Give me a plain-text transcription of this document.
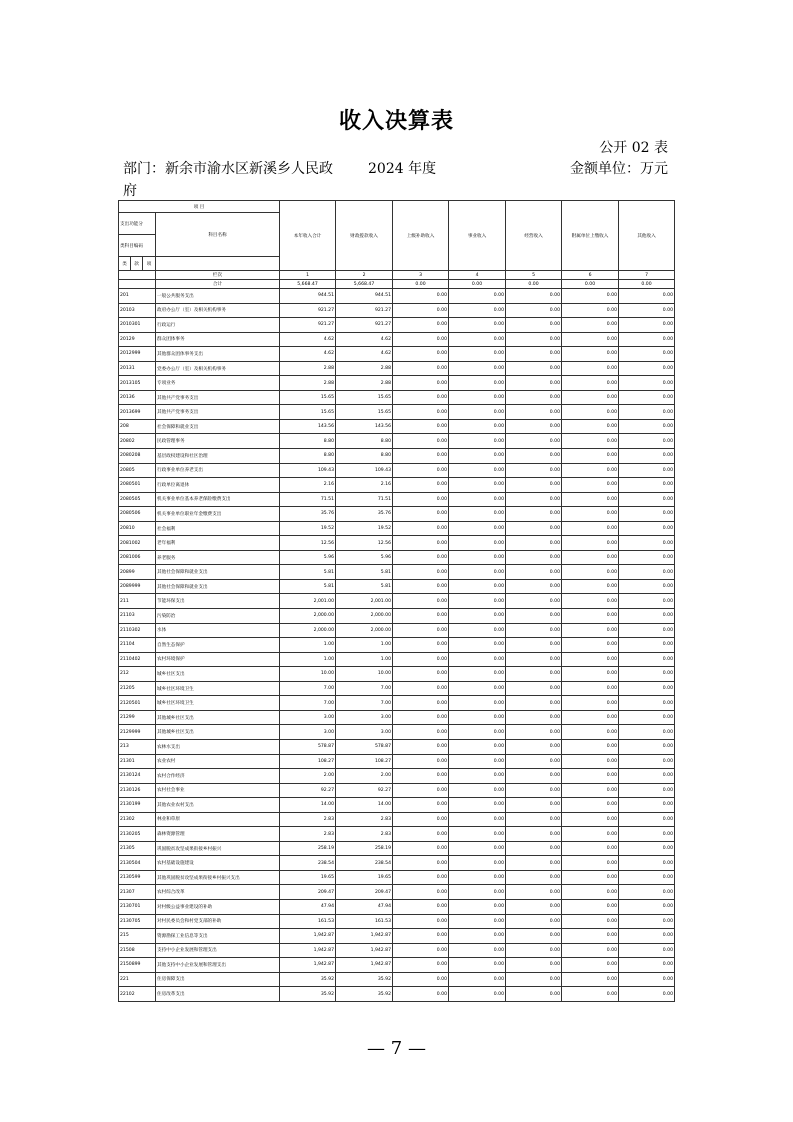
收入决算表
公开 02 表
部门：新余市渝水区新溪乡人民政府
2024 年度	金额单位：万元
项 目				本年收入合计	财政拨款收入	上级补助收入	事业收入	经营收入	附属单位上缴收入	其他收入
支出功能分			科目名称							
类科目编码										
类	款	项								
			栏次	1	2	3	4	5	6	7
			合计	5,668.47	5,668.47	0.00	0.00	0.00	0.00	0.00
201			一般公共服务支出	944.51	944.51	0.00	0.00	0.00	0.00	0.00
20103			政府办公厅（室）及相关机构事务	921.27	921.27	0.00	0.00	0.00	0.00	0.00
2010301			行政运行	921.27	921.27	0.00	0.00	0.00	0.00	0.00
20129			群众团体事务	4.62	4.62	0.00	0.00	0.00	0.00	0.00
2012999			其他群众团体事务支出	4.62	4.62	0.00	0.00	0.00	0.00	0.00
20131			党委办公厅（室）及相关机构事务	2.88	2.88	0.00	0.00	0.00	0.00	0.00
2013105			专项业务	2.88	2.88	0.00	0.00	0.00	0.00	0.00
20136			其他共产党事务支出	15.65	15.65	0.00	0.00	0.00	0.00	0.00
2013699			其他共产党事务支出	15.65	15.65	0.00	0.00	0.00	0.00	0.00
208			社会保障和就业支出	143.56	143.56	0.00	0.00	0.00	0.00	0.00
20802			民政管理事务	8.80	8.80	0.00	0.00	0.00	0.00	0.00
2080208			基层政权建设和社区治理	8.80	8.80	0.00	0.00	0.00	0.00	0.00
20805			行政事业单位养老支出	109.43	109.43	0.00	0.00	0.00	0.00	0.00
2080501			行政单位离退休	2.16	2.16	0.00	0.00	0.00	0.00	0.00
2080505			机关事业单位基本养老保险缴费支出	71.51	71.51	0.00	0.00	0.00	0.00	0.00
2080506			机关事业单位职业年金缴费支出	35.76	35.76	0.00	0.00	0.00	0.00	0.00
20810			社会福利	19.52	19.52	0.00	0.00	0.00	0.00	0.00
2081002			老年福利	12.56	12.56	0.00	0.00	0.00	0.00	0.00
2081006			养老服务	5.96	5.96	0.00	0.00	0.00	0.00	0.00
20899			其他社会保障和就业支出	5.81	5.81	0.00	0.00	0.00	0.00	0.00
2089999			其他社会保障和就业支出	5.81	5.81	0.00	0.00	0.00	0.00	0.00
211			节能环保支出	2,001.00	2,001.00	0.00	0.00	0.00	0.00	0.00
21103			污染防治	2,000.00	2,000.00	0.00	0.00	0.00	0.00	0.00
2110302			水体	2,000.00	2,000.00	0.00	0.00	0.00	0.00	0.00
21104			自然生态保护	1.00	1.00	0.00	0.00	0.00	0.00	0.00
2110402			农村环境保护	1.00	1.00	0.00	0.00	0.00	0.00	0.00
212			城乡社区支出	10.00	10.00	0.00	0.00	0.00	0.00	0.00
21205			城乡社区环境卫生	7.00	7.00	0.00	0.00	0.00	0.00	0.00
2120501			城乡社区环境卫生	7.00	7.00	0.00	0.00	0.00	0.00	0.00
21299			其他城乡社区支出	3.00	3.00	0.00	0.00	0.00	0.00	0.00
2129999			其他城乡社区支出	3.00	3.00	0.00	0.00	0.00	0.00	0.00
213			农林水支出	578.87	578.87	0.00	0.00	0.00	0.00	0.00
21301			农业农村	108.27	108.27	0.00	0.00	0.00	0.00	0.00
2130124			农村合作经济	2.00	2.00	0.00	0.00	0.00	0.00	0.00
2130126			农村社会事业	92.27	92.27	0.00	0.00	0.00	0.00	0.00
2130199			其他农业农村支出	14.00	14.00	0.00	0.00	0.00	0.00	0.00
21302			林业和草原	2.83	2.83	0.00	0.00	0.00	0.00	0.00
2130205			森林资源管理	2.83	2.83	0.00	0.00	0.00	0.00	0.00
21305			巩固脱贫攻坚成果衔接乡村振兴	258.19	258.19	0.00	0.00	0.00	0.00	0.00
2130504			农村基础设施建设	238.54	238.54	0.00	0.00	0.00	0.00	0.00
2130599			其他巩固脱贫攻坚成果衔接乡村振兴支出	19.65	19.65	0.00	0.00	0.00	0.00	0.00
21307			农村综合改革	209.47	209.47	0.00	0.00	0.00	0.00	0.00
2130701			对村级公益事业建设的补助	47.94	47.94	0.00	0.00	0.00	0.00	0.00
2130705			对村民委员会和村党支部的补助	161.53	161.53	0.00	0.00	0.00	0.00	0.00
215			资源勘探工业信息等支出	1,942.87	1,942.87	0.00	0.00	0.00	0.00	0.00
21508			支持中小企业发展和管理支出	1,942.87	1,942.87	0.00	0.00	0.00	0.00	0.00
2150899			其他支持中小企业发展和管理支出	1,942.87	1,942.87	0.00	0.00	0.00	0.00	0.00
221			住房保障支出	35.92	35.92	0.00	0.00	0.00	0.00	0.00
22102			住房改革支出	35.92	35.92	0.00	0.00	0.00	0.00	0.00
— 7 —
